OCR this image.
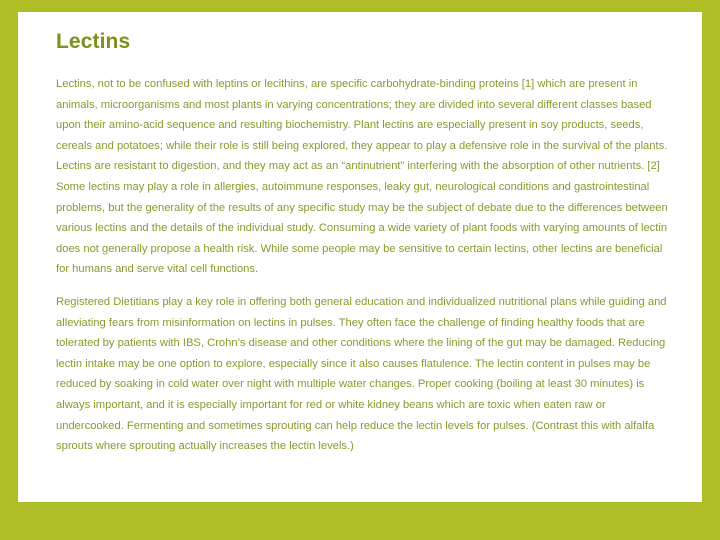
Lectins

Lectins, not to be confused with leptins or lecithins, are specific carbohydrate-binding proteins [1] which are present in animals, microorganisms and most plants in varying concentrations; they are divided into several different classes based upon their amino-acid sequence and resulting biochemistry. Plant lectins are especially present in soy products, seeds, cereals and potatoes; while their role is still being explored, they appear to play a defensive role in the survival of the plants. Lectins are resistant to digestion, and they may act as an “antinutrient” interfering with the absorption of other nutrients. [2] Some lectins may play a role in allergies, autoimmune responses, leaky gut, neurological conditions and gastrointestinal problems, but the generality of the results of any specific study may be the subject of debate due to the differences between various lectins and the details of the individual study. Consuming a wide variety of plant foods with varying amounts of lectin does not generally propose a health risk. While some people may be sensitive to certain lectins, other lectins are beneficial for humans and serve vital cell functions.

Registered Dietitians play a key role in offering both general education and individualized nutritional plans while guiding and alleviating fears from misinformation on lectins in pulses. They often face the challenge of finding healthy foods that are tolerated by patients with IBS, Crohn’s disease and other conditions where the lining of the gut may be damaged. Reducing lectin intake may be one option to explore, especially since it also causes flatulence. The lectin content in pulses may be reduced by soaking in cold water over night with multiple water changes. Proper cooking (boiling at least 30 minutes) is always important, and it is especially important for red or white kidney beans which are toxic when eaten raw or undercooked. Fermenting and sometimes sprouting can help reduce the lectin levels for pulses. (Contrast this with alfalfa sprouts where sprouting actually increases the lectin levels.)
